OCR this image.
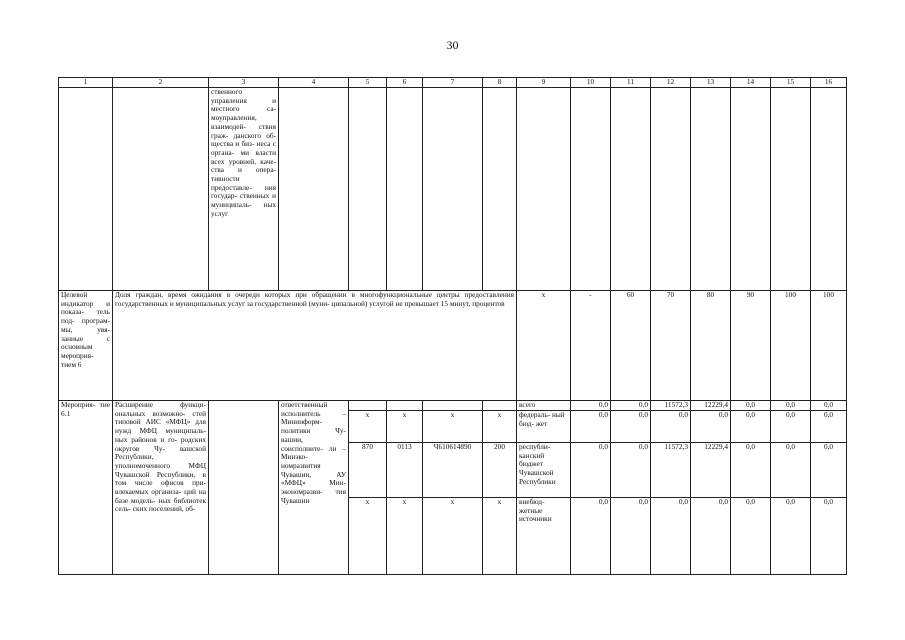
30
1	2	3	4	5	6	7	8	9	10	11	12	13	14	15	16
		ственного управления и местного са- моуправления, взаимодей- ствия граж- данского об- щества и биз- неса с органа- ми власти всех уровней, каче- ства и опера- тивности предоставле- ния государ- ственных и муниципаль- ных услуг													
Целевой индикатор и показа- тель под- програм- мы, увя- занные с основным мероприя- тием 6	Доля граждан, время ожидания в очереди которых при обращении в многофункциональные центры предоставления государственных и муниципальных услуг за государственной (муни- ципальной) услугой не превышает 15 минут, процентов							х	-	60	70	80	90	100	100
Мероприя- тие 6.1	Расширение функци- ональных возможно- стей типовой АИС «МФЦ» для нужд МФЦ муниципаль- ных районов и го- родских округов Чу- вашской Республики, уполномоченного МФЦ Чувашской Республики, в том числе офисов при- влекаемых организа- ций на базе модель- ных библиотек сель- ских поселений, об-		ответственный исполнитель – Мининформ- политики Чу- вашии, соисполните- ли – Минэко- номразвития Чувашии, АУ «МФЦ» Мин- экономразви- тия Чувашии					всего	0,0	0,0	11572,3	12229,4	0,0	0,0	0,0
				х	х	х	х	федераль- ный бюд- жет	0,0	0,0	0,0	0,0	0,0	0,0	0,0
				870	0113	Ч610614890	200	республи- канский бюджет Чувашской Республики	0,0	0,0	11572,3	12229,4	0,0	0,0	0,0
				х	х	х	х	внебюд- жетные источники	0,0	0,0	0,0	0,0	0,0	0,0	0,0
